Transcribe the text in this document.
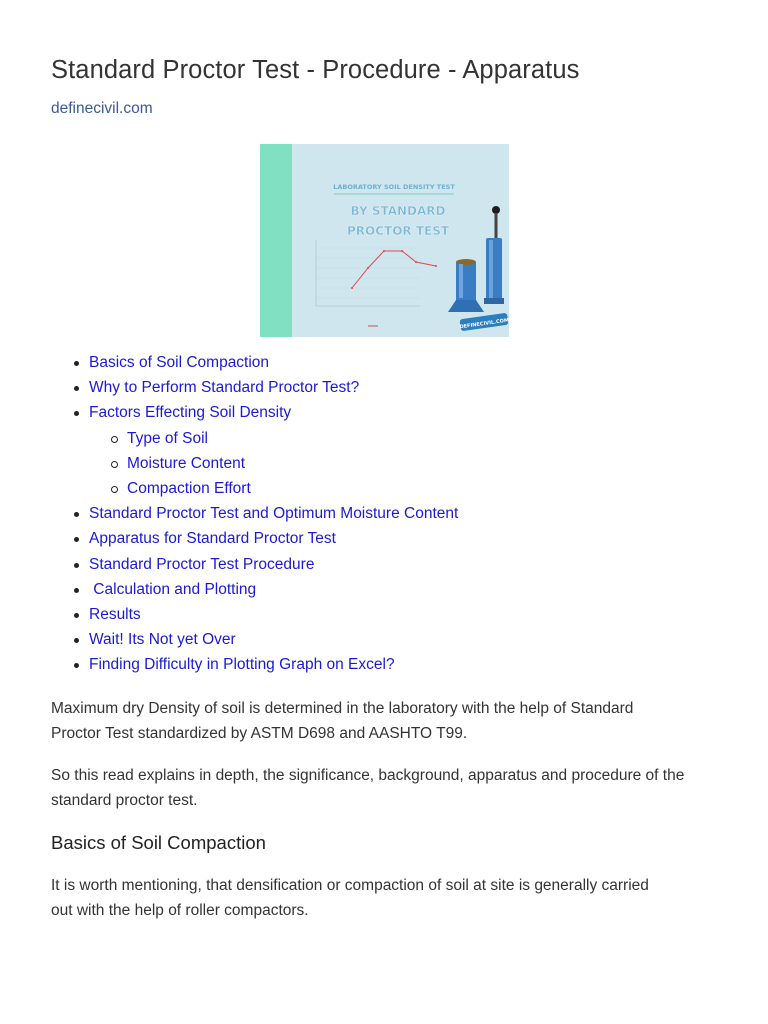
Standard Proctor Test - Procedure - Apparatus
definecivil.com
LABORATORY SOIL DENSITY TEST
BY STANDARD
PROCTOR TEST
DEFINECIVIL.COM
Basics of Soil Compaction
Why to Perform Standard Proctor Test?
Factors Effecting Soil Density
Type of Soil
Moisture Content
Compaction Effort
Standard Proctor Test and Optimum Moisture Content
Apparatus for Standard Proctor Test
Standard Proctor Test Procedure
Calculation and Plotting
Results
Wait! Its Not yet Over
Finding Difficulty in Plotting Graph on Excel?

Maximum dry Density of soil is determined in the laboratory with the help of Standard
Proctor Test standardized by ASTM D698 and AASHTO T99.

So this read explains in depth, the significance, background, apparatus and procedure of the
standard proctor test.

Basics of Soil Compaction

It is worth mentioning, that densification or compaction of soil at site is generally carried
out with the help of roller compactors.
